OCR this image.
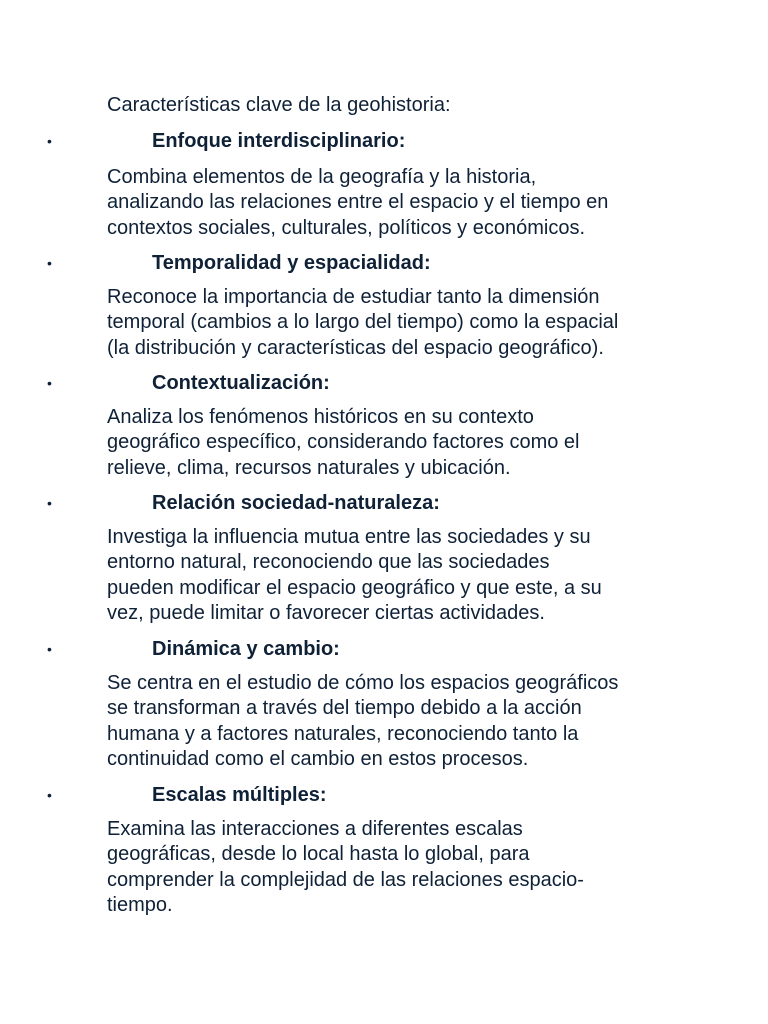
Características clave de la geohistoria:

•	Enfoque interdisciplinario:
Combina elementos de la geografía y la historia,
analizando las relaciones entre el espacio y el tiempo en
contextos sociales, culturales, políticos y económicos.
•	Temporalidad y espacialidad:
Reconoce la importancia de estudiar tanto la dimensión
temporal (cambios a lo largo del tiempo) como la espacial
(la distribución y características del espacio geográfico).
•	Contextualización:
Analiza los fenómenos históricos en su contexto
geográfico específico, considerando factores como el
relieve, clima, recursos naturales y ubicación.
•	Relación sociedad-naturaleza:
Investiga la influencia mutua entre las sociedades y su
entorno natural, reconociendo que las sociedades
pueden modificar el espacio geográfico y que este, a su
vez, puede limitar o favorecer ciertas actividades.
•	Dinámica y cambio:
Se centra en el estudio de cómo los espacios geográficos
se transforman a través del tiempo debido a la acción
humana y a factores naturales, reconociendo tanto la
continuidad como el cambio en estos procesos.
•	Escalas múltiples:
Examina las interacciones a diferentes escalas
geográficas, desde lo local hasta lo global, para
comprender la complejidad de las relaciones espacio-
tiempo.
